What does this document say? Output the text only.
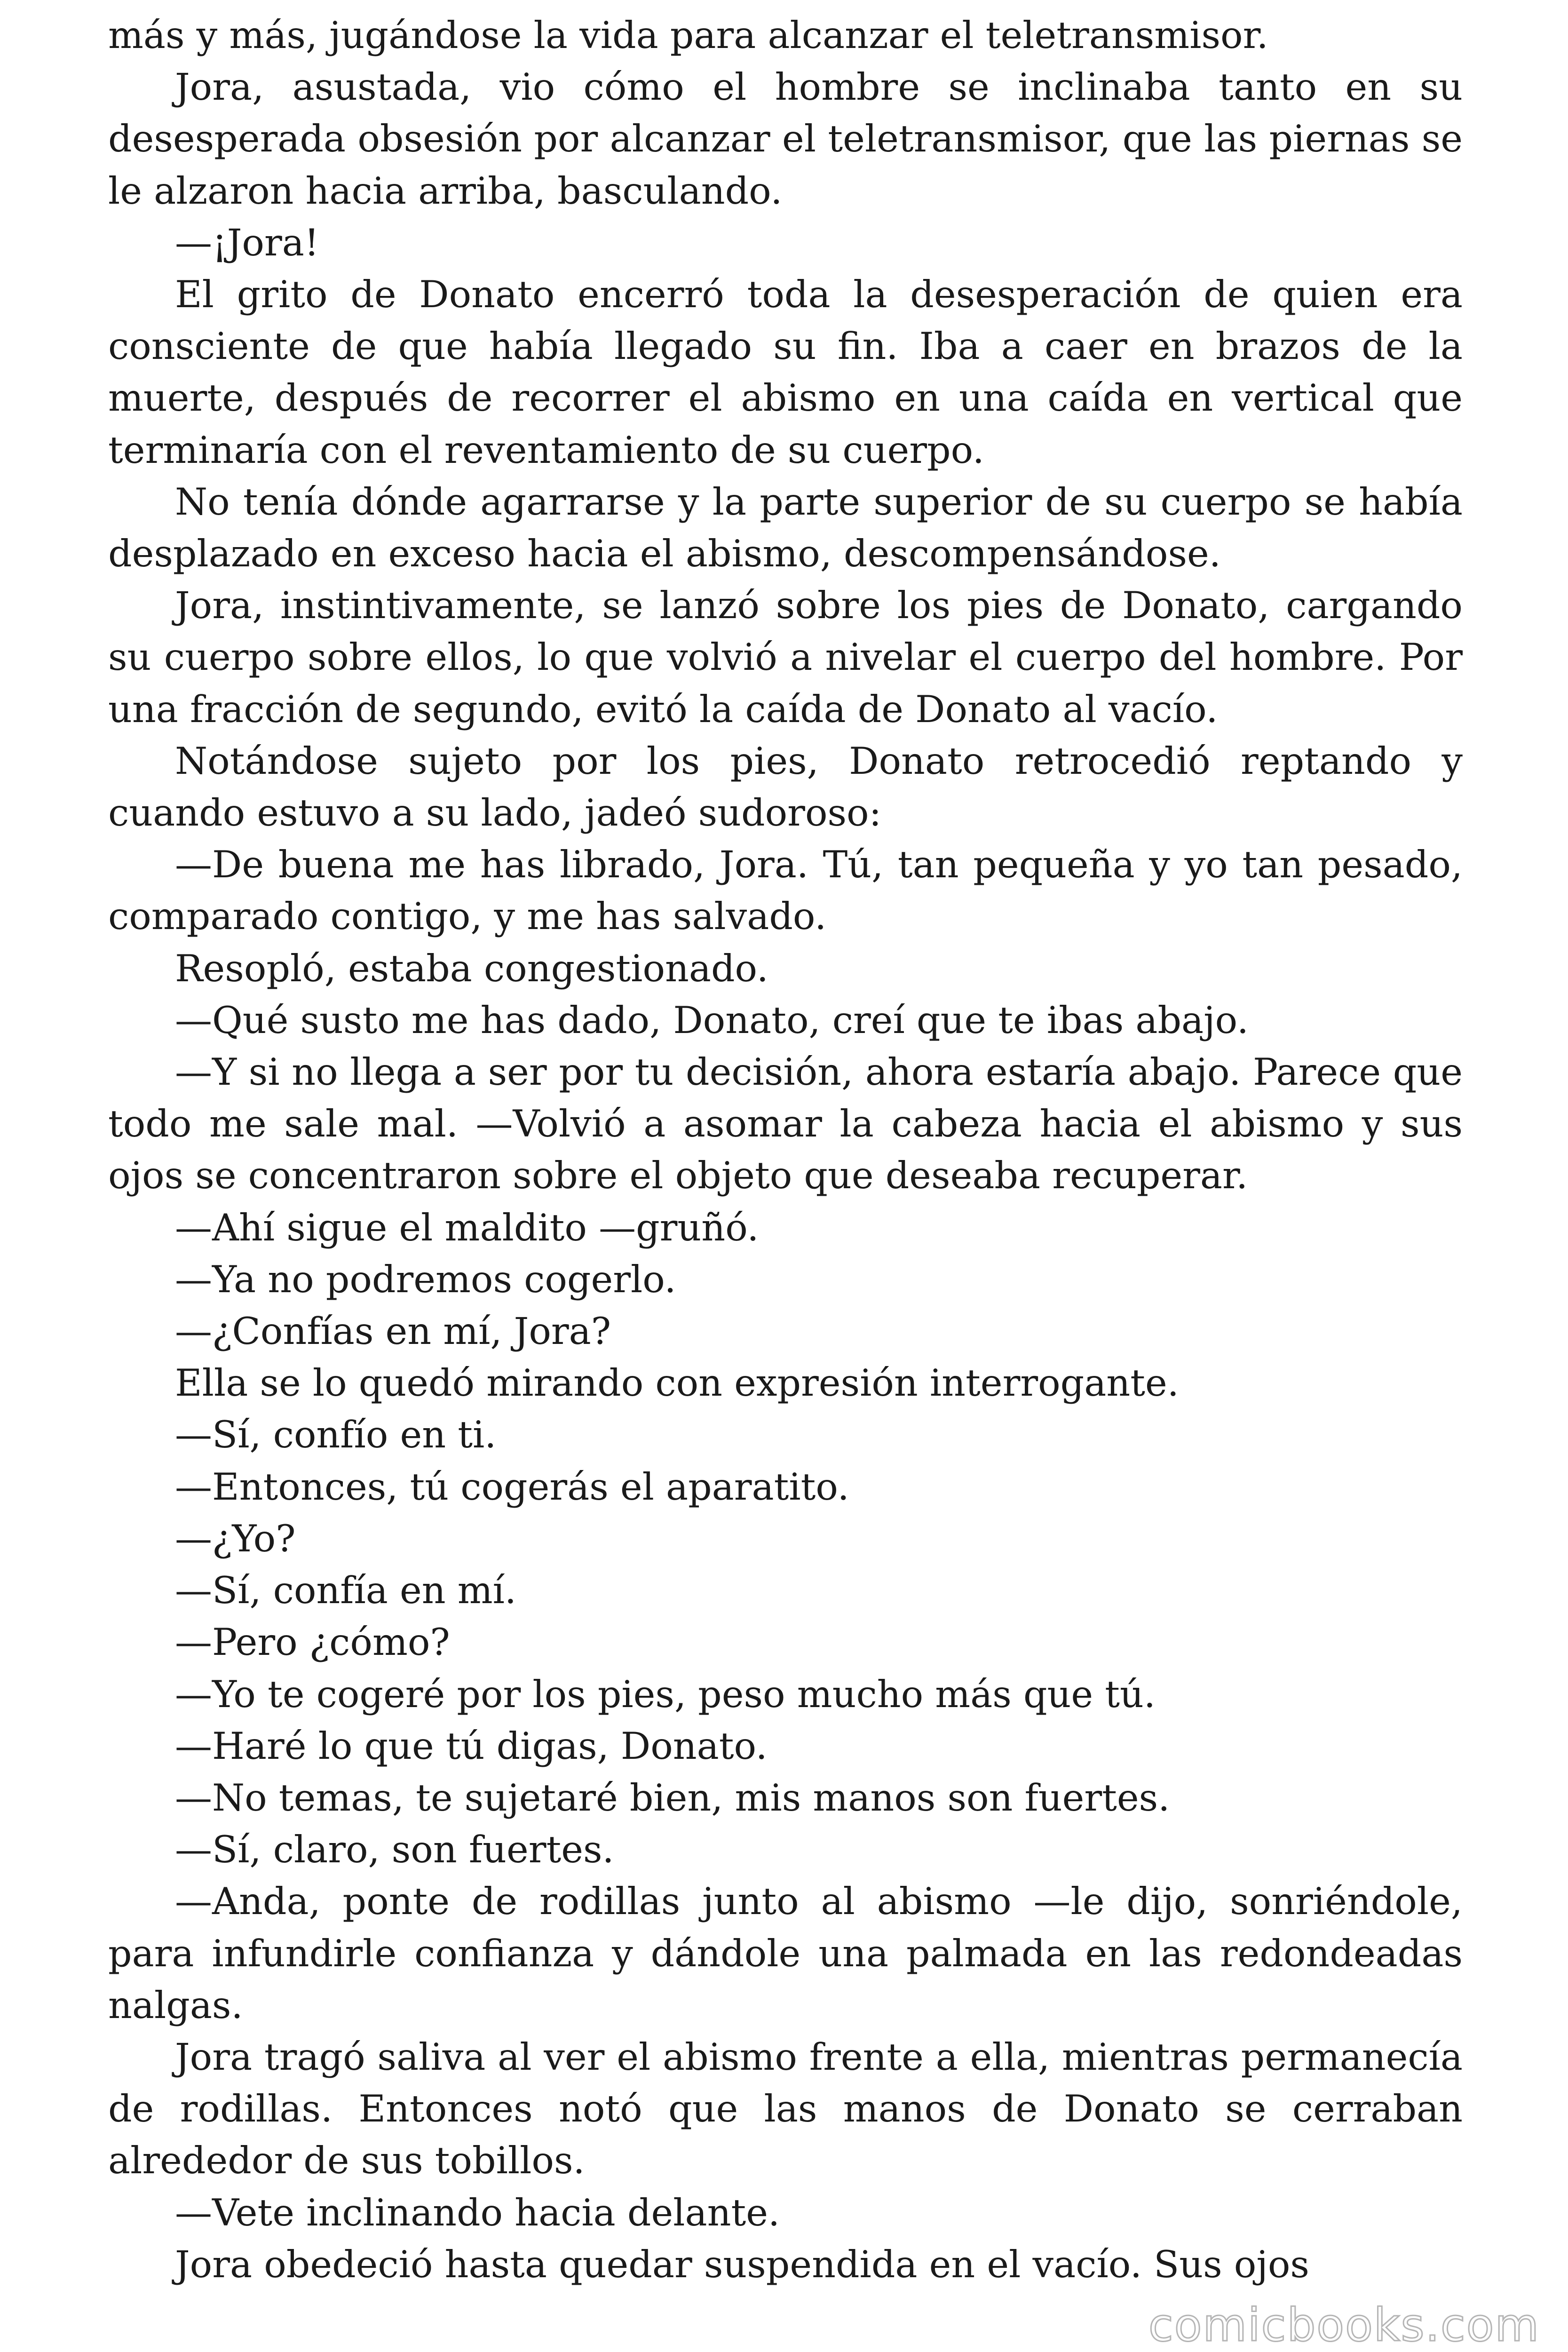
más y más, jugándose la vida para alcanzar el teletransmisor.

Jora, asustada, vio cómo el hombre se inclinaba tanto en su desesperada obsesión por alcanzar el teletransmisor, que las piernas se le alzaron hacia arriba, basculando.

—¡Jora!

El grito de Donato encerró toda la desesperación de quien era consciente de que había llegado su fin. Iba a caer en brazos de la muerte, después de recorrer el abismo en una caída en vertical que terminaría con el reventamiento de su cuerpo.

No tenía dónde agarrarse y la parte superior de su cuerpo se había desplazado en exceso hacia el abismo, descompensándose.

Jora, instintivamente, se lanzó sobre los pies de Donato, cargando su cuerpo sobre ellos, lo que volvió a nivelar el cuerpo del hombre. Por una fracción de segundo, evitó la caída de Donato al vacío.

Notándose sujeto por los pies, Donato retrocedió reptando y cuando estuvo a su lado, jadeó sudoroso:

—De buena me has librado, Jora. Tú, tan pequeña y yo tan pesado, comparado contigo, y me has salvado.

Resopló, estaba congestionado.

—Qué susto me has dado, Donato, creí que te ibas abajo.

—Y si no llega a ser por tu decisión, ahora estaría abajo. Parece que todo me sale mal. —Volvió a asomar la cabeza hacia el abismo y sus ojos se concentraron sobre el objeto que deseaba recuperar.

—Ahí sigue el maldito —gruñó.

—Ya no podremos cogerlo.

—¿Confías en mí, Jora?

Ella se lo quedó mirando con expresión interrogante.

—Sí, confío en ti.

—Entonces, tú cogerás el aparatito.

—¿Yo?

—Sí, confía en mí.

—Pero ¿cómo?

—Yo te cogeré por los pies, peso mucho más que tú.

—Haré lo que tú digas, Donato.

—No temas, te sujetaré bien, mis manos son fuertes.

—Sí, claro, son fuertes.

—Anda, ponte de rodillas junto al abismo —le dijo, sonriéndole, para infundirle confianza y dándole una palmada en las redondeadas nalgas.

Jora tragó saliva al ver el abismo frente a ella, mientras permanecía de rodillas. Entonces notó que las manos de Donato se cerraban alrededor de sus tobillos.

—Vete inclinando hacia delante.

Jora obedeció hasta quedar suspendida en el vacío. Sus ojos

comicbooks.com
